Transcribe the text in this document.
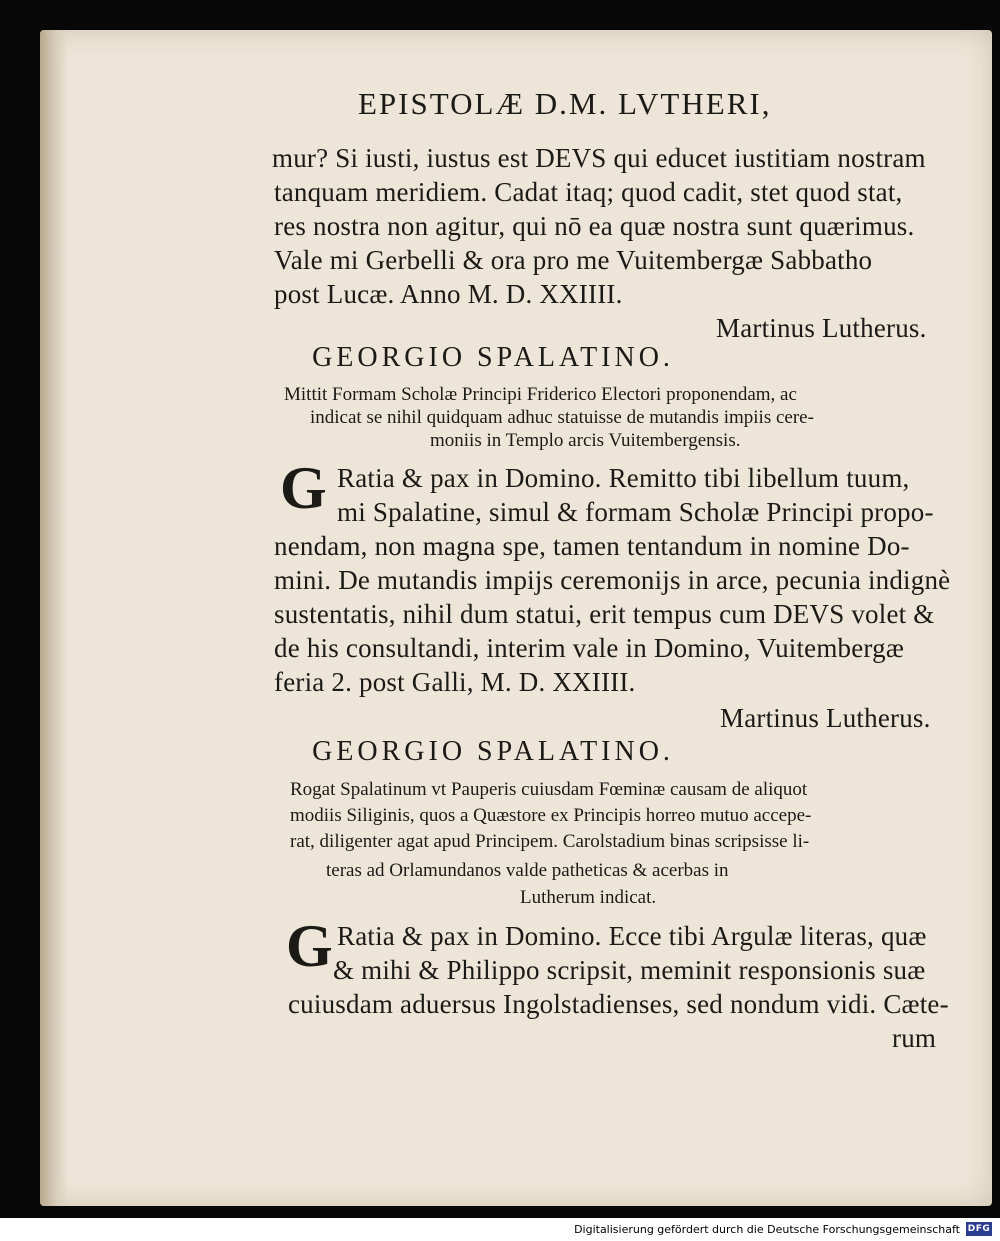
EPISTOLÆ D.M. LVTHERI,
mur? Si iusti, iustus est DEVS qui educet iustitiam nostram
tanquam meridiem. Cadat itaq; quod cadit, stet quod stat,
res nostra non agitur, qui nō ea quæ nostra sunt quærimus.
Vale mi Gerbelli & ora pro me Vuitembergæ Sabbatho
post Lucæ. Anno M. D. XXIIII.
Martinus Lutherus.
GEORGIO SPALATINO.
Mittit Formam Scholæ Principi Friderico Electori proponendam, ac
indicat se nihil quidquam adhuc statuisse de mutandis impiis cere-
moniis in Templo arcis Vuitembergensis.
G Ratia & pax in Domino. Remitto tibi libellum tuum,
mi Spalatine, simul & formam Scholæ Principi propo-
nendam, non magna spe, tamen tentandum in nomine Do-
mini. De mutandis impijs ceremonijs in arce, pecunia indignè
sustentatis, nihil dum statui, erit tempus cum DEVS volet &
de his consultandi, interim vale in Domino, Vuitembergæ
feria 2. post Galli, M. D. XXIIII.
Martinus Lutherus.
GEORGIO SPALATINO.
Rogat Spalatinum vt Pauperis cuiusdam Fœminæ causam de aliquot
modiis Siliginis, quos a Quæstore ex Principis horreo mutuo accepe-
rat, diligenter agat apud Principem. Carolstadium binas scripsisse li-
teras ad Orlamundanos valde patheticas & acerbas in
Lutherum indicat.
G Ratia & pax in Domino. Ecce tibi Argulæ literas, quæ
& mihi & Philippo scripsit, meminit responsionis suæ
cuiusdam aduersus Ingolstadienses, sed nondum vidi. Cæte-
rum
Digitalisierung gefördert durch die Deutsche Forschungsgemeinschaft DFG
